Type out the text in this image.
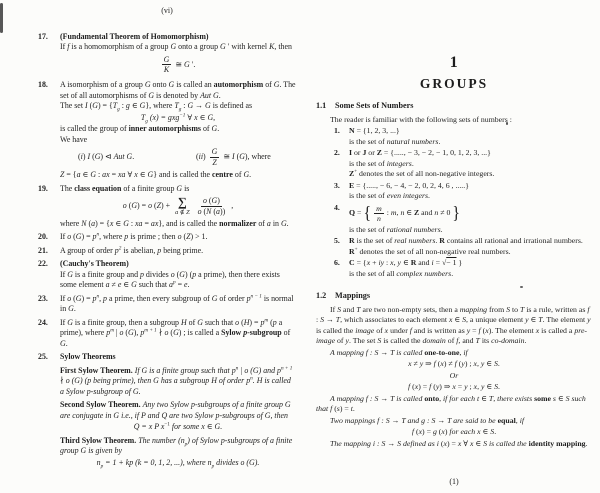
(vi)
17.	(Fundamental Theorem of Homomorphism)
If f is a homomorphism of a group G onto a group G ′ with kernel K, then
$\frac{G}{K}$ ≅ G ′.
18.	A isomorphism of a group G onto G is called an automorphism of G. The set of all automorphisms of G is denoted by Aut G.
The set I $(G) = \{T_g$ : g ∈ G}, where $T_g$ : G → G is defined as
$T_g$ (x) = gxg$^{-1}$ ∀ x ∈ G,
is called the group of inner automorphisms of G.
We have
(i) I (G) ⊲ Aut G.	$(ii) \frac{G}{Z}$ ≅ I (G), where
Z = {a ∈ G : ax = xa ∀ x ∈ G} and is called the centre of G.
19.	The class equation of a finite group G is
o (G) = o (Z) + ∑
a ∉ Z $\frac{o (G)}{o (N (a))}$ ,
where N (a) = {x ∈ G : xa = ax}, and is called the normalizer of a in G.
20.	If o $(G) = p^n$, where p is prime ; then o (Z) > 1.
21.	A group of order $p^2$ is abelian, p being prime.
22.	(Cauchy's Theorem)
If G is a finite group and p divides o (G) (p a prime), then there exists some element a ≠ e ∈ G such that $a^p = e$.
23.	If o $(G) = p^n$, p a prime, then every subgroup of G of order $p^{n - 1}$ is normal in G.
24.	If G is a finite group, then a subgroup H of G such that o $(H) = p^m$ (p a prime), where $p^m$ | o (G), $p^{m + 1}$ ∤ o (G) ; is called a Sylow p-subgroup of G.
25.	Sylow Theorems
First Sylow Theorem. If G is a finite group such that $p^n$ | o (G) and $p^{n + 1}$ ∤ o (G) (p being prime), then G has a subgroup H of order $p^n$. H is called a Sylow p-subgroup of G.
Second Sylow Theorem. Any two Sylow p-subgroups of a finite group G are conjugate in G i.e., if P and Q are two Sylow p-subgroups of G, then
Q = x P $x^{-1}$ for some x ∈ G.
Third Sylow Theorem. The number $(n_p)$ of Sylow p-subgroups of a finite group G is given by
$n_p = 1$ + kp (k = 0, 1, 2, ...), where $n_p$ divides o (G).
1
GROUPS
1.1	Some Sets of Numbers

The reader is familiar with the following sets of numbers :

1.	N = {1, 2, 3, ...}
is the set of natural numbers.
2.	I or J or Z = {....., − 3, − 2, − 1, 0, 1, 2, 3, ...}
is the set of integers.
Z+ denotes the set of all non-negative integers.
3.	E = {....., − 6, − 4, − 2, 0, 2, 4, 6 , .....}
is the set of even integers.
4.
Q = { $\frac{m}{n}$ : m, n ∈ Z and n ≠ 0 }
is the set of rational numbers.
5.	R is the set of real numbers. R contains all rational and irrational numbers.
R+ denotes the set of all non-negative real numbers.
6.	C = {x + iy : x, y ∈ R and i = √− 1 }
is the set of all complex numbers.
1.2	Mappings

If S and T are two non-empty sets, then a mapping from S to T is a rule, written as f : S → T, which associates to each element x ∈ S, a unique element y ∈ T. The element y is called the image of x under f and is written as y = f (x). The element x is called a pre-image of y. The set S is called the domain of f, and T its co-domain.

A mapping f : S → T is called one-to-one, if

x ≠ y ⇒ f (x) ≠ f (y) ; x, y ∈ S.
Or
f (x) = f (y) ⇒ x = y ; x, y ∈ S.

A mapping f : S → T is called onto, if for each t ∈ T, there exists some s ∈ S such that f (s) = t.

Two mappings f : S → T and g : S → T are said to be equal, if

f (x) = g (x) for each x ∈ S.

The mapping i : S → S defined as i (x) = x ∀ x ∈ S is called the identity mapping.

(1)
